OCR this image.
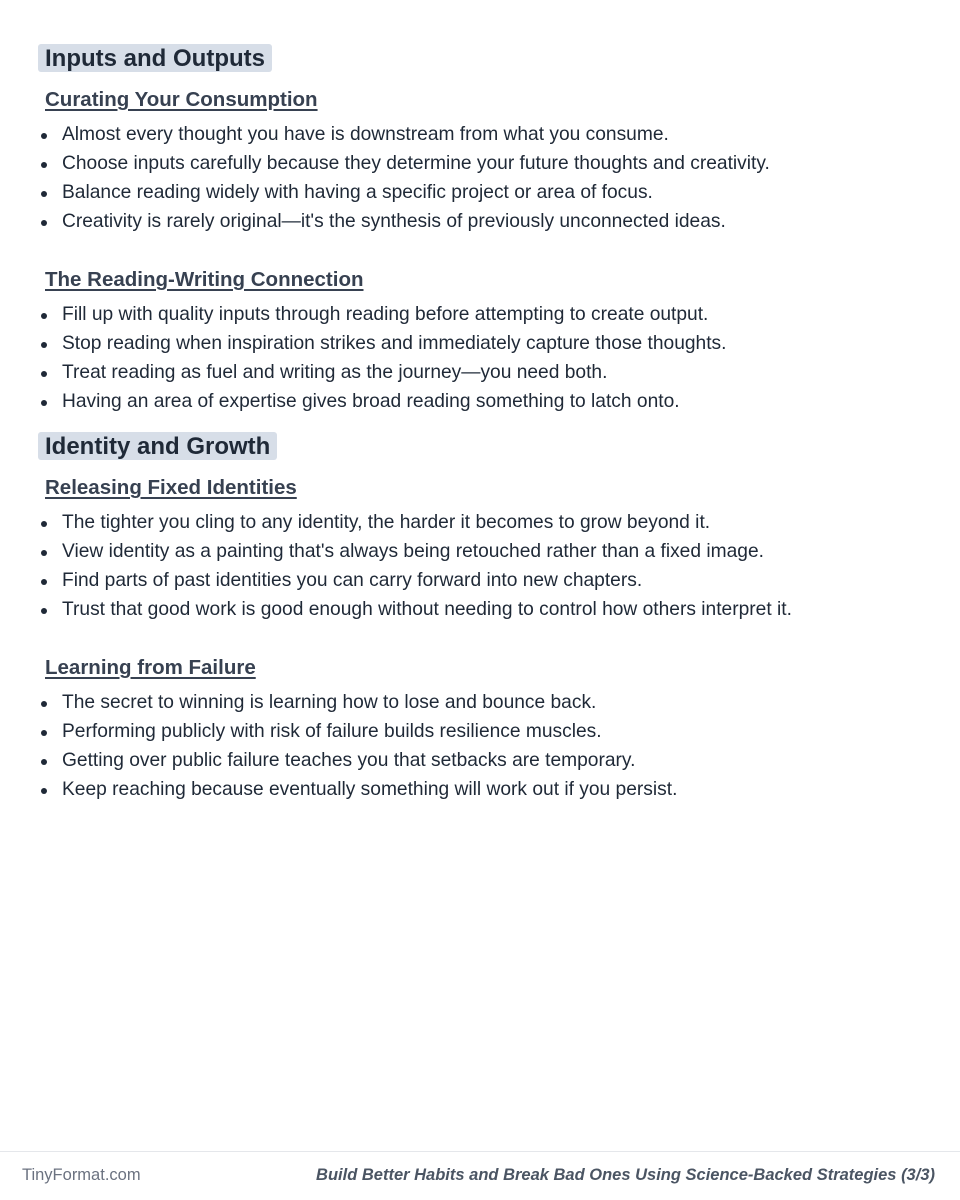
Inputs and Outputs
Curating Your Consumption
Almost every thought you have is downstream from what you consume.
Choose inputs carefully because they determine your future thoughts and creativity.
Balance reading widely with having a specific project or area of focus.
Creativity is rarely original—it's the synthesis of previously unconnected ideas.
The Reading-Writing Connection
Fill up with quality inputs through reading before attempting to create output.
Stop reading when inspiration strikes and immediately capture those thoughts.
Treat reading as fuel and writing as the journey—you need both.
Having an area of expertise gives broad reading something to latch onto.
Identity and Growth
Releasing Fixed Identities
The tighter you cling to any identity, the harder it becomes to grow beyond it.
View identity as a painting that's always being retouched rather than a fixed image.
Find parts of past identities you can carry forward into new chapters.
Trust that good work is good enough without needing to control how others interpret it.
Learning from Failure
The secret to winning is learning how to lose and bounce back.
Performing publicly with risk of failure builds resilience muscles.
Getting over public failure teaches you that setbacks are temporary.
Keep reaching because eventually something will work out if you persist.
TinyFormat.com	Build Better Habits and Break Bad Ones Using Science-Backed Strategies (3/3)
